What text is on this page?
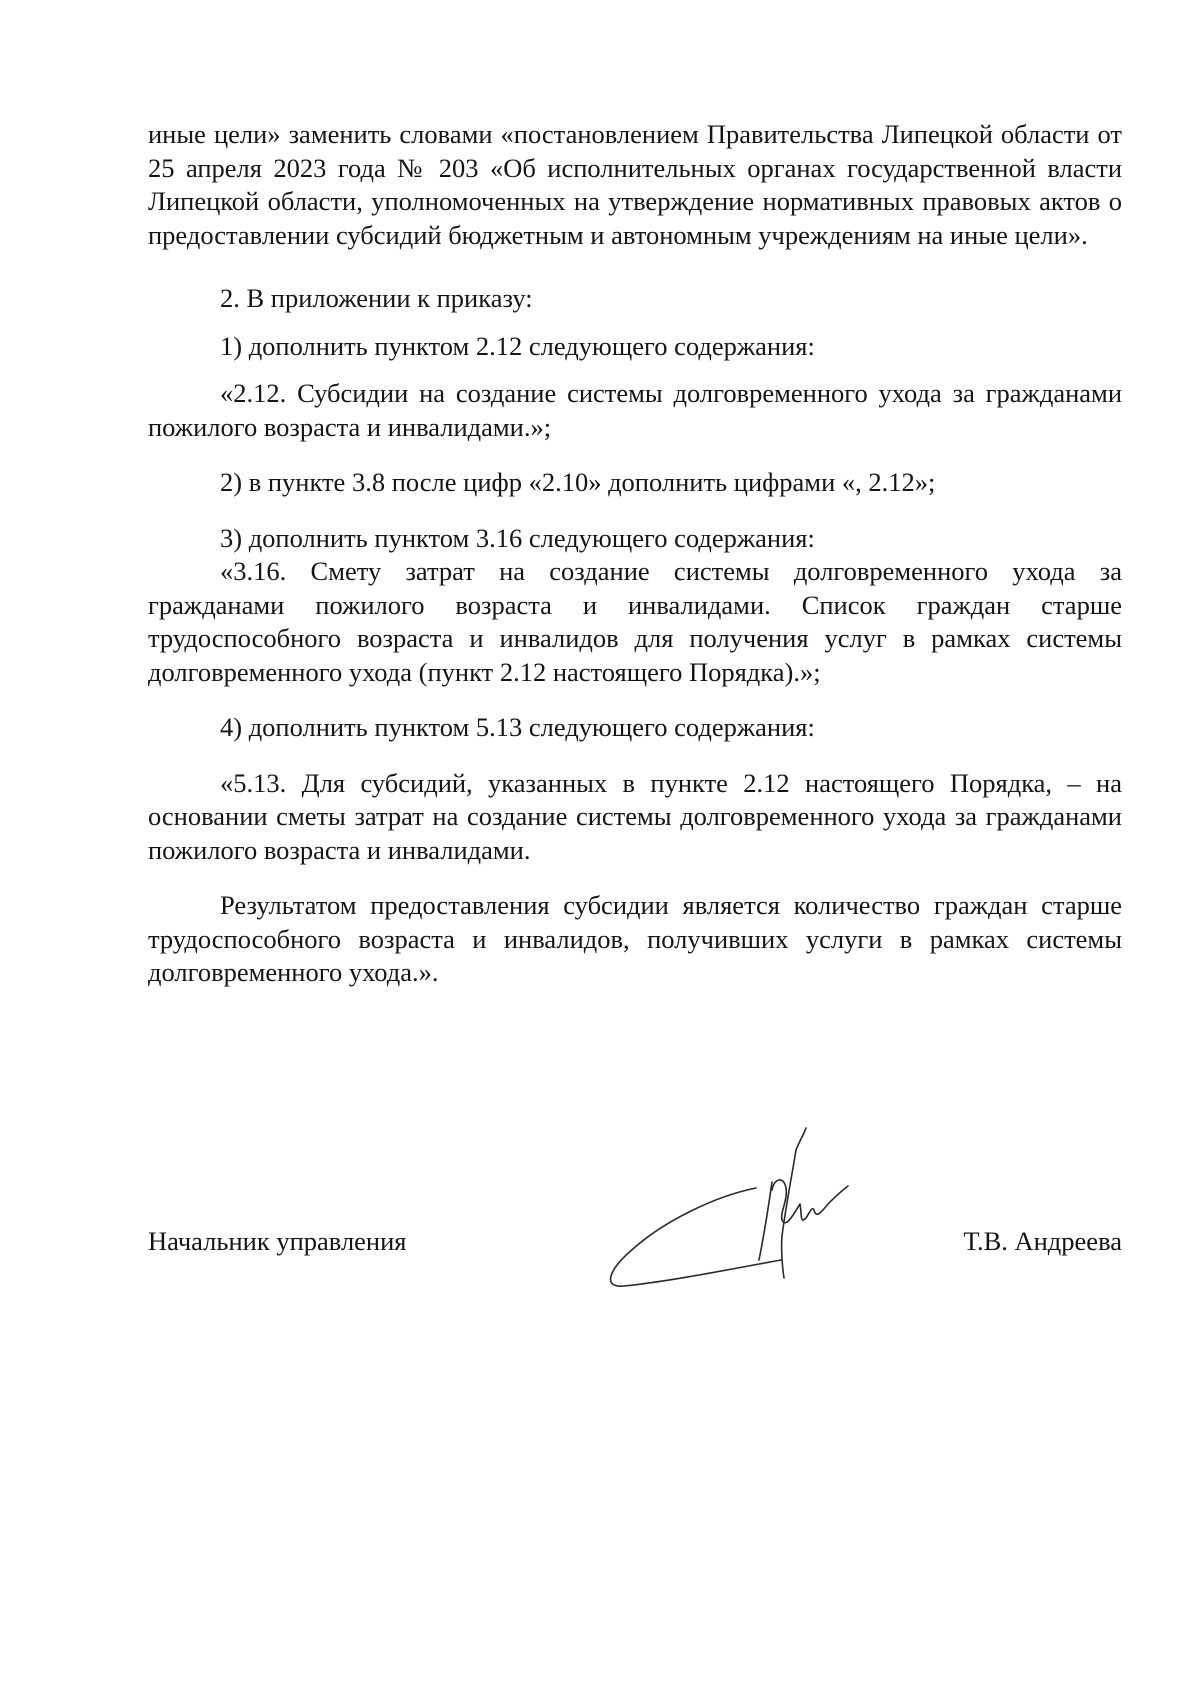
иные цели» заменить словами «постановлением Правительства Липецкой области от 25 апреля 2023 года № 203 «Об исполнительных органах государственной власти Липецкой области, уполномоченных на утверждение нормативных правовых актов о предоставлении субсидий бюджетным и автономным учреждениям на иные цели».

2. В приложении к приказу:

1) дополнить пунктом 2.12 следующего содержания:

«2.12. Субсидии на создание системы долговременного ухода за гражданами пожилого возраста и инвалидами.»;

2) в пункте 3.8 после цифр «2.10» дополнить цифрами «, 2.12»;

3) дополнить пунктом 3.16 следующего содержания:

«3.16. Смету затрат на создание системы долговременного ухода за гражданами пожилого возраста и инвалидами. Список граждан старше трудоспособного возраста и инвалидов для получения услуг в рамках системы долговременного ухода (пункт 2.12 настоящего Порядка).»;

4) дополнить пунктом 5.13 следующего содержания:

«5.13. Для субсидий, указанных в пункте 2.12 настоящего Порядка, – на основании сметы затрат на создание системы долговременного ухода за гражданами пожилого возраста и инвалидами.

Результатом предоставления субсидии является количество граждан старше трудоспособного возраста и инвалидов, получивших услуги в рамках системы долговременного ухода.».

Начальник управления	Т.В. Андреева
